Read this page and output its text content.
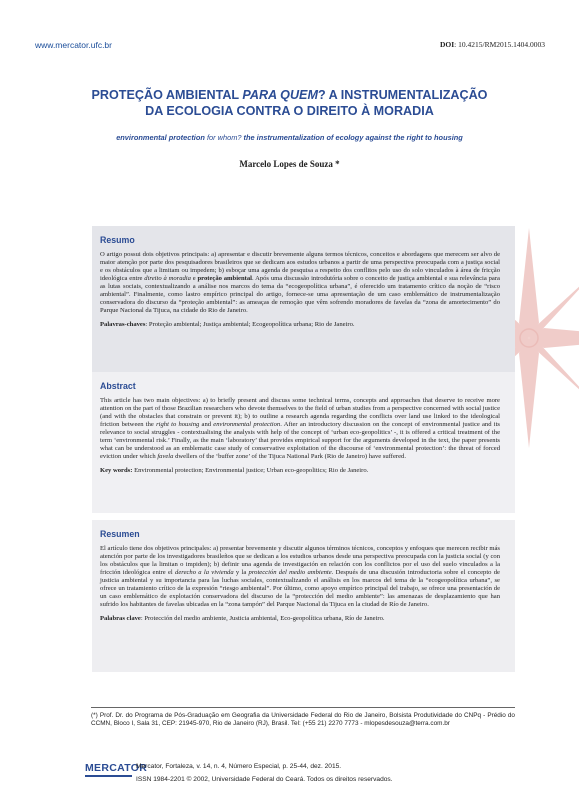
www.mercator.ufc.br	DOI: 10.4215/RM2015.1404.0003
PROTEÇÃO AMBIENTAL PARA QUEM? A INSTRUMENTALIZAÇÃO
DA ECOLOGIA CONTRA O DIREITO À MORADIA
environmental protection for whom? the instrumentalization of ecology against the right to housing
Marcelo Lopes de Souza *
Resumo

O artigo possui dois objetivos principais: a) apresentar e discutir brevemente alguns termos técnicos, conceitos e abordagens que merecem ser alvo de maior atenção por parte dos pesquisadores brasileiros que se dedicam aos estudos urbanos a partir de uma perspectiva preocupada com a justiça social e os obstáculos que a limitam ou impedem; b) esboçar uma agenda de pesquisa a respeito dos conflitos pelo uso do solo vinculados à área de fricção ideológica entre direito à moradia e proteção ambiental. Após uma discussão introdutória sobre o conceito de justiça ambiental e sua relevância para as lutas sociais, contextualizando a análise nos marcos do tema da “ecogeopolítica urbana”, é oferecido um tratamento crítico da noção de “risco ambiental”. Finalmente, como lastro empírico principal do artigo, fornece-se uma apresentação de um caso emblemático de instrumentalização conservadora do discurso da “proteção ambiental”: as ameaças de remoção que vêm sofrendo moradores de favelas da “zona de amortecimento” do Parque Nacional da Tijuca, na cidade do Rio de Janeiro.

Palavras-chaves: Proteção ambiental; Justiça ambiental; Ecogeopolítica urbana; Rio de Janeiro.

Abstract

This article has two main objectives: a) to briefly present and discuss some technical terms, concepts and approaches that deserve to receive more attention on the part of those Brazilian researchers who devote themselves to the field of urban studies from a perspective concerned with social justice (and with the obstacles that constrain or prevent it); b) to outline a research agenda regarding the conflicts over land use linked to the ideological friction between the right to housing and environmental protection. After an introductory discussion on the concept of environmental justice and its relevance to social struggles - contextualising the analysis with help of the concept of ‘urban eco-geopolitics’ -, it is offered a critical treatment of the term ‘environmental risk.’ Finally, as the main ‘laboratory’ that provides empirical support for the arguments developed in the text, the paper presents what can be understood as an emblematic case study of conservative exploitation of the discourse of ‘environmental protection’: the threat of forced eviction under which favela dwellers of the ‘buffer zone’ of the Tijuca National Park (Rio de Janeiro) have suffered.

Key words: Environmental protection; Environmental justice; Urban eco-geopolitics; Rio de Janeiro.

Resumen

El artículo tiene dos objetivos principales: a) presentar brevemente y discutir algunos términos técnicos, conceptos y enfoques que merecen recibir más atención por parte de los investigadores brasileños que se dedican a los estudios urbanos desde una perspectiva preocupada con la justicia social (y con los obstáculos que la limitan o impiden); b) definir una agenda de investigación en relación con los conflictos por el uso del suelo vinculados a la fricción ideológica entre el derecho a la vivienda y la protección del medio ambiente. Después de una discusión introductoria sobre el concepto de justicia ambiental y su importancia para las luchas sociales, contextualizando el análisis en los marcos del tema de la “ecogeopolítica urbana”, se ofrece un tratamiento crítico de la expresión “riesgo ambiental”. Por último, como apoyo empírico principal del trabajo, se ofrece una presentación de un caso emblemático de explotación conservadora del discurso de la “protección del medio ambiente”: las amenazas de desplazamiento que han sufrido los habitantes de favelas ubicadas en la “zona tampón” del Parque Nacional da Tijuca en la ciudad de Río de Janeiro.

Palabras clave: Protección del medio ambiente, Justicia ambiental, Eco-geopolítica urbana, Río de Janeiro.

(*) Prof. Dr. do Programa de Pós-Graduação em Geografia da Universidade Federal do Rio de Janeiro, Bolsista Produtividade do CNPq - Prédio do CCMN, Bloco I, Sala 31, CEP: 21945-970, Rio de Janeiro (RJ), Brasil. Tel: (+55 21) 2270 7773 - mlopesdesouza@terra.com.br
MERCATOR
Mercator, Fortaleza, v. 14, n. 4, Número Especial, p. 25-44, dez. 2015.
ISSN 1984-2201 © 2002, Universidade Federal do Ceará. Todos os direitos reservados.
